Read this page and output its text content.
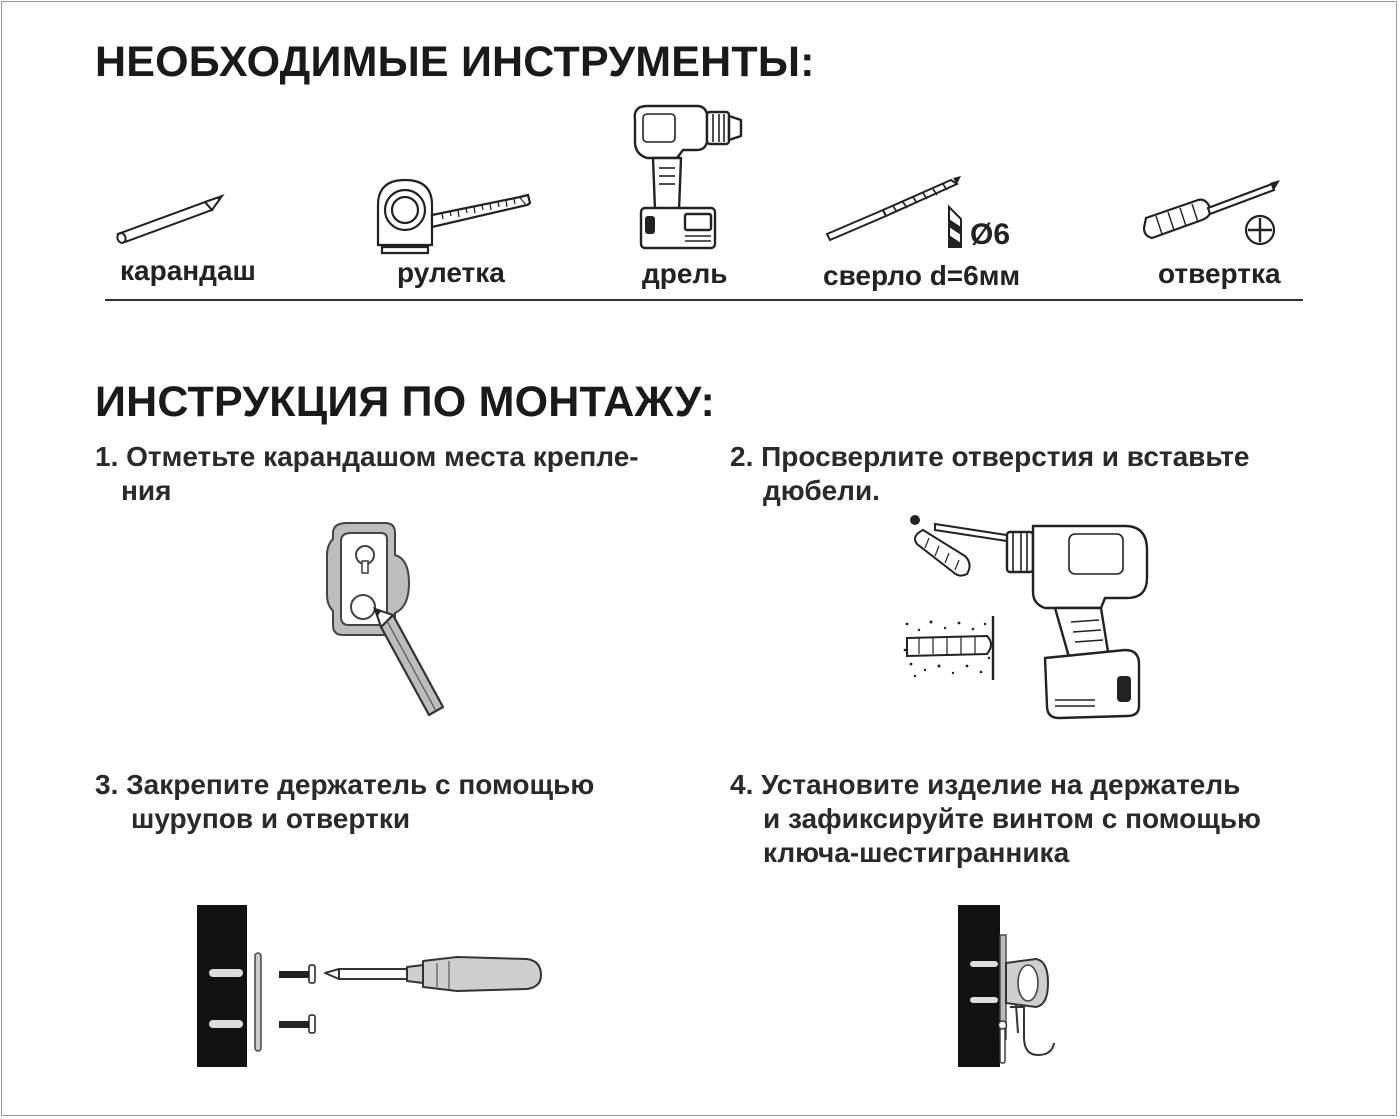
НЕОБХОДИМЫЕ ИНСТРУМЕНТЫ:
карандаш	рулетка	дрель
Ø6
сверло d=6мм	отвертка
ИНСТРУКЦИЯ ПО МОНТАЖУ:
1. Отметьте карандашом места крепле-
ния
2. Просверлите отверстия и вставьте
дюбели.
3. Закрепите держатель с помощью
шурупов и отвертки
4. Установите изделие на держатель
и зафиксируйте винтом с помощью
ключа-шестигранника
